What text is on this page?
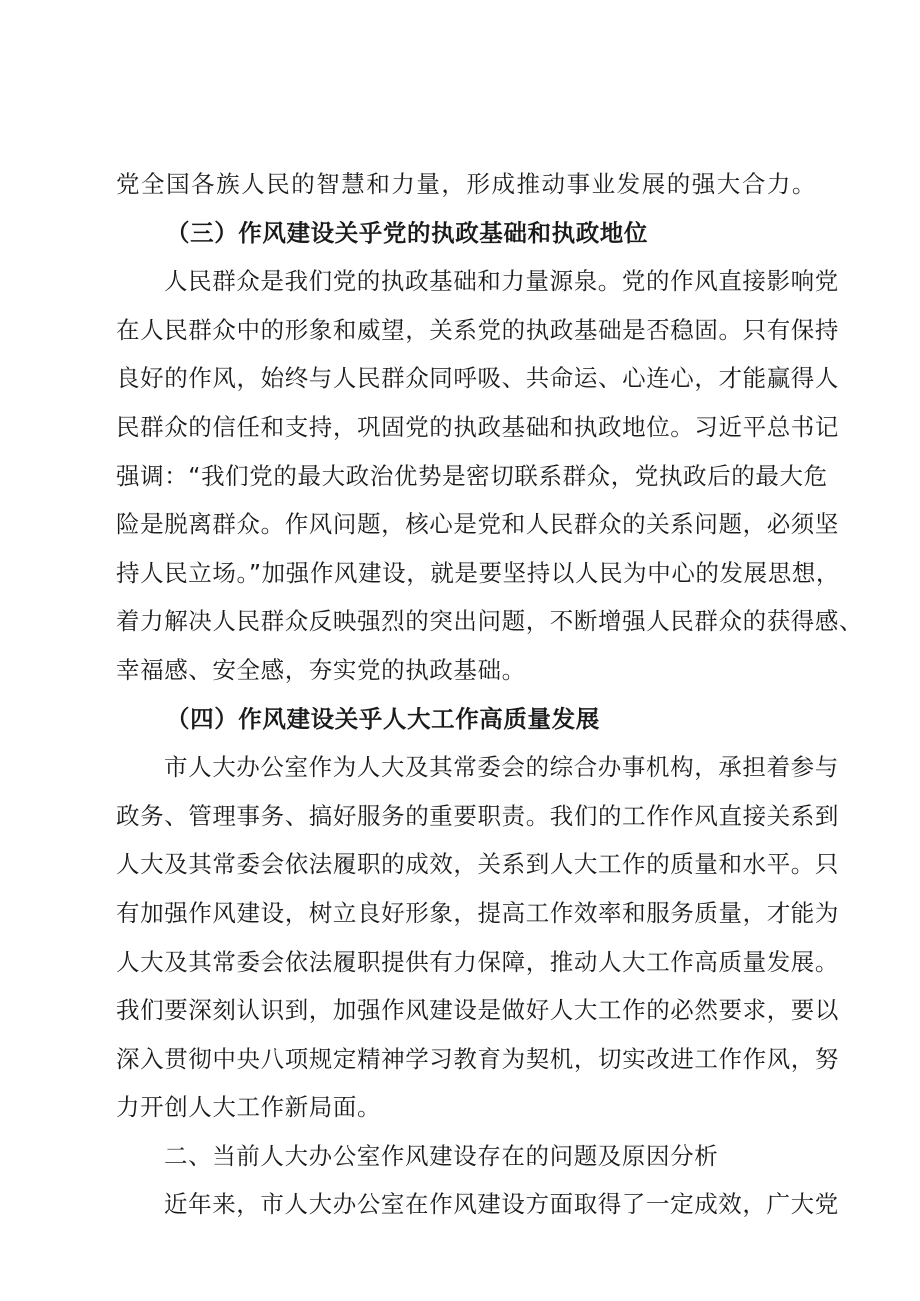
党全国各族人民的智慧和力量，形成推动事业发展的强大合力。
（三）作风建设关乎党的执政基础和执政地位
人民群众是我们党的执政基础和力量源泉。党的作风直接影响党
在人民群众中的形象和威望，关系党的执政基础是否稳固。只有保持
良好的作风，始终与人民群众同呼吸、共命运、心连心，才能赢得人
民群众的信任和支持，巩固党的执政基础和执政地位。习近平总书记
强调：“我们党的最大政治优势是密切联系群众，党执政后的最大危
险是脱离群众。作风问题，核心是党和人民群众的关系问题，必须坚
持人民立场。”加强作风建设，就是要坚持以人民为中心的发展思想，
着力解决人民群众反映强烈的突出问题，不断增强人民群众的获得感、
幸福感、安全感，夯实党的执政基础。
（四）作风建设关乎人大工作高质量发展
市人大办公室作为人大及其常委会的综合办事机构，承担着参与
政务、管理事务、搞好服务的重要职责。我们的工作作风直接关系到
人大及其常委会依法履职的成效，关系到人大工作的质量和水平。只
有加强作风建设，树立良好形象，提高工作效率和服务质量，才能为
人大及其常委会依法履职提供有力保障，推动人大工作高质量发展。
我们要深刻认识到，加强作风建设是做好人大工作的必然要求，要以
深入贯彻中央八项规定精神学习教育为契机，切实改进工作作风，努
力开创人大工作新局面。
二、当前人大办公室作风建设存在的问题及原因分析
近年来，市人大办公室在作风建设方面取得了一定成效，广大党
